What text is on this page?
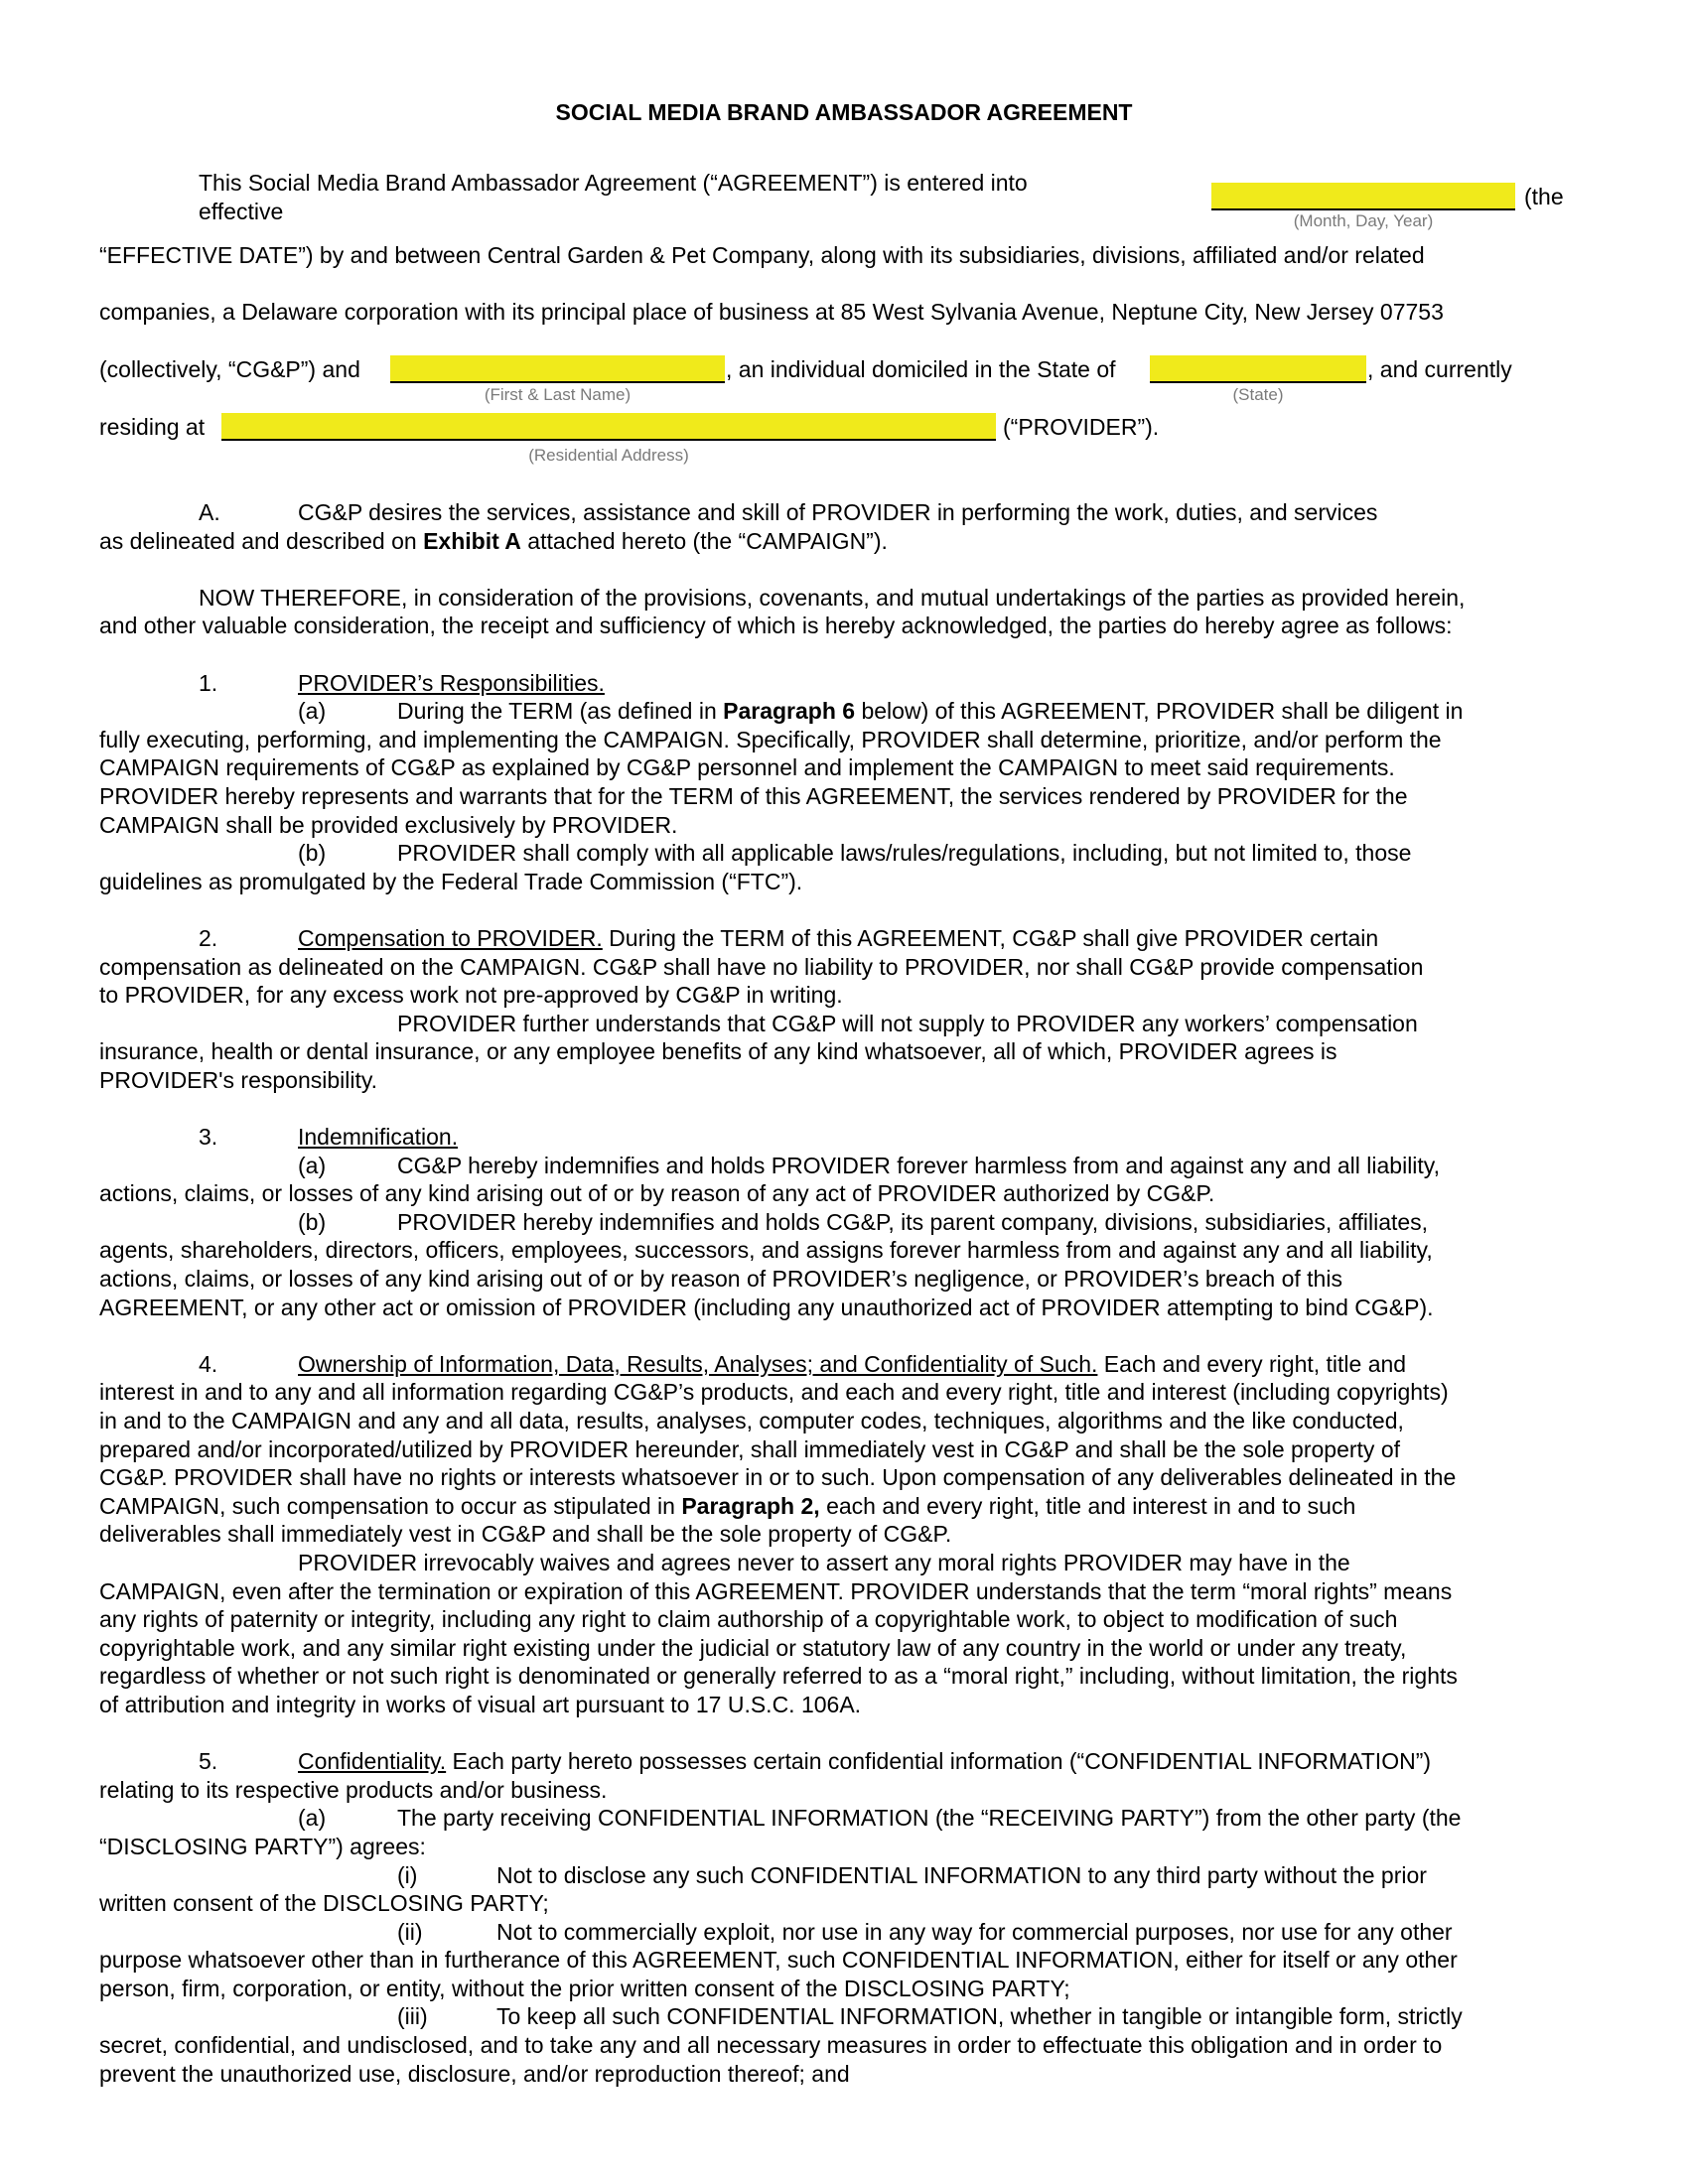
SOCIAL MEDIA BRAND AMBASSADOR AGREEMENT
This Social Media Brand Ambassador Agreement (“AGREEMENT”) is entered into
effective
(the
(Month, Day, Year)
“EFFECTIVE DATE”) by and between Central Garden & Pet Company, along with its subsidiaries, divisions, affiliated and/or related
companies, a Delaware corporation with its principal place of business at 85 West Sylvania Avenue, Neptune City, New Jersey 07753
(collectively, “CG&P”) and	, an individual domiciled in the State of	, and currently
(First & Last Name)	(State)
residing at	(“PROVIDER”).
(Residential Address)

A.	CG&P desires the services, assistance and skill of PROVIDER in performing the work, duties, and services

as delineated and described on Exhibit A attached hereto (the “CAMPAIGN”).

NOW THEREFORE, in consideration of the provisions, covenants, and mutual undertakings of the parties as provided herein,

and other valuable consideration, the receipt and sufficiency of which is hereby acknowledged, the parties do hereby agree as follows:

1.	PROVIDER’s Responsibilities.

(a)	During the TERM (as defined in Paragraph 6 below) of this AGREEMENT, PROVIDER shall be diligent in

fully executing, performing, and implementing the CAMPAIGN. Specifically, PROVIDER shall determine, prioritize, and/or perform the

CAMPAIGN requirements of CG&P as explained by CG&P personnel and implement the CAMPAIGN to meet said requirements.

PROVIDER hereby represents and warrants that for the TERM of this AGREEMENT, the services rendered by PROVIDER for the

CAMPAIGN shall be provided exclusively by PROVIDER.

(b)	PROVIDER shall comply with all applicable laws/rules/regulations, including, but not limited to, those

guidelines as promulgated by the Federal Trade Commission (“FTC”).

2.	Compensation to PROVIDER. During the TERM of this AGREEMENT, CG&P shall give PROVIDER certain

compensation as delineated on the CAMPAIGN. CG&P shall have no liability to PROVIDER, nor shall CG&P provide compensation

to PROVIDER, for any excess work not pre-approved by CG&P in writing.

PROVIDER further understands that CG&P will not supply to PROVIDER any workers’ compensation

insurance, health or dental insurance, or any employee benefits of any kind whatsoever, all of which, PROVIDER agrees is

PROVIDER's responsibility.

3.	Indemnification.

(a)	CG&P hereby indemnifies and holds PROVIDER forever harmless from and against any and all liability,

actions, claims, or losses of any kind arising out of or by reason of any act of PROVIDER authorized by CG&P.

(b)	PROVIDER hereby indemnifies and holds CG&P, its parent company, divisions, subsidiaries, affiliates,

agents, shareholders, directors, officers, employees, successors, and assigns forever harmless from and against any and all liability,

actions, claims, or losses of any kind arising out of or by reason of PROVIDER’s negligence, or PROVIDER’s breach of this

AGREEMENT, or any other act or omission of PROVIDER (including any unauthorized act of PROVIDER attempting to bind CG&P).

4.	Ownership of Information, Data, Results, Analyses; and Confidentiality of Such. Each and every right, title and

interest in and to any and all information regarding CG&P’s products, and each and every right, title and interest (including copyrights)

in and to the CAMPAIGN and any and all data, results, analyses, computer codes, techniques, algorithms and the like conducted,

prepared and/or incorporated/utilized by PROVIDER hereunder, shall immediately vest in CG&P and shall be the sole property of

CG&P. PROVIDER shall have no rights or interests whatsoever in or to such. Upon compensation of any deliverables delineated in the

CAMPAIGN, such compensation to occur as stipulated in Paragraph 2, each and every right, title and interest in and to such

deliverables shall immediately vest in CG&P and shall be the sole property of CG&P.

PROVIDER irrevocably waives and agrees never to assert any moral rights PROVIDER may have in the

CAMPAIGN, even after the termination or expiration of this AGREEMENT. PROVIDER understands that the term “moral rights” means

any rights of paternity or integrity, including any right to claim authorship of a copyrightable work, to object to modification of such

copyrightable work, and any similar right existing under the judicial or statutory law of any country in the world or under any treaty,

regardless of whether or not such right is denominated or generally referred to as a “moral right,” including, without limitation, the rights

of attribution and integrity in works of visual art pursuant to 17 U.S.C. 106A.

5.	Confidentiality. Each party hereto possesses certain confidential information (“CONFIDENTIAL INFORMATION”)

relating to its respective products and/or business.

(a)	The party receiving CONFIDENTIAL INFORMATION (the “RECEIVING PARTY”) from the other party (the

“DISCLOSING PARTY”) agrees:

(i)	Not to disclose any such CONFIDENTIAL INFORMATION to any third party without the prior

written consent of the DISCLOSING PARTY;

(ii)	Not to commercially exploit, nor use in any way for commercial purposes, nor use for any other

purpose whatsoever other than in furtherance of this AGREEMENT, such CONFIDENTIAL INFORMATION, either for itself or any other

person, firm, corporation, or entity, without the prior written consent of the DISCLOSING PARTY;

(iii)	To keep all such CONFIDENTIAL INFORMATION, whether in tangible or intangible form, strictly

secret, confidential, and undisclosed, and to take any and all necessary measures in order to effectuate this obligation and in order to

prevent the unauthorized use, disclosure, and/or reproduction thereof; and
